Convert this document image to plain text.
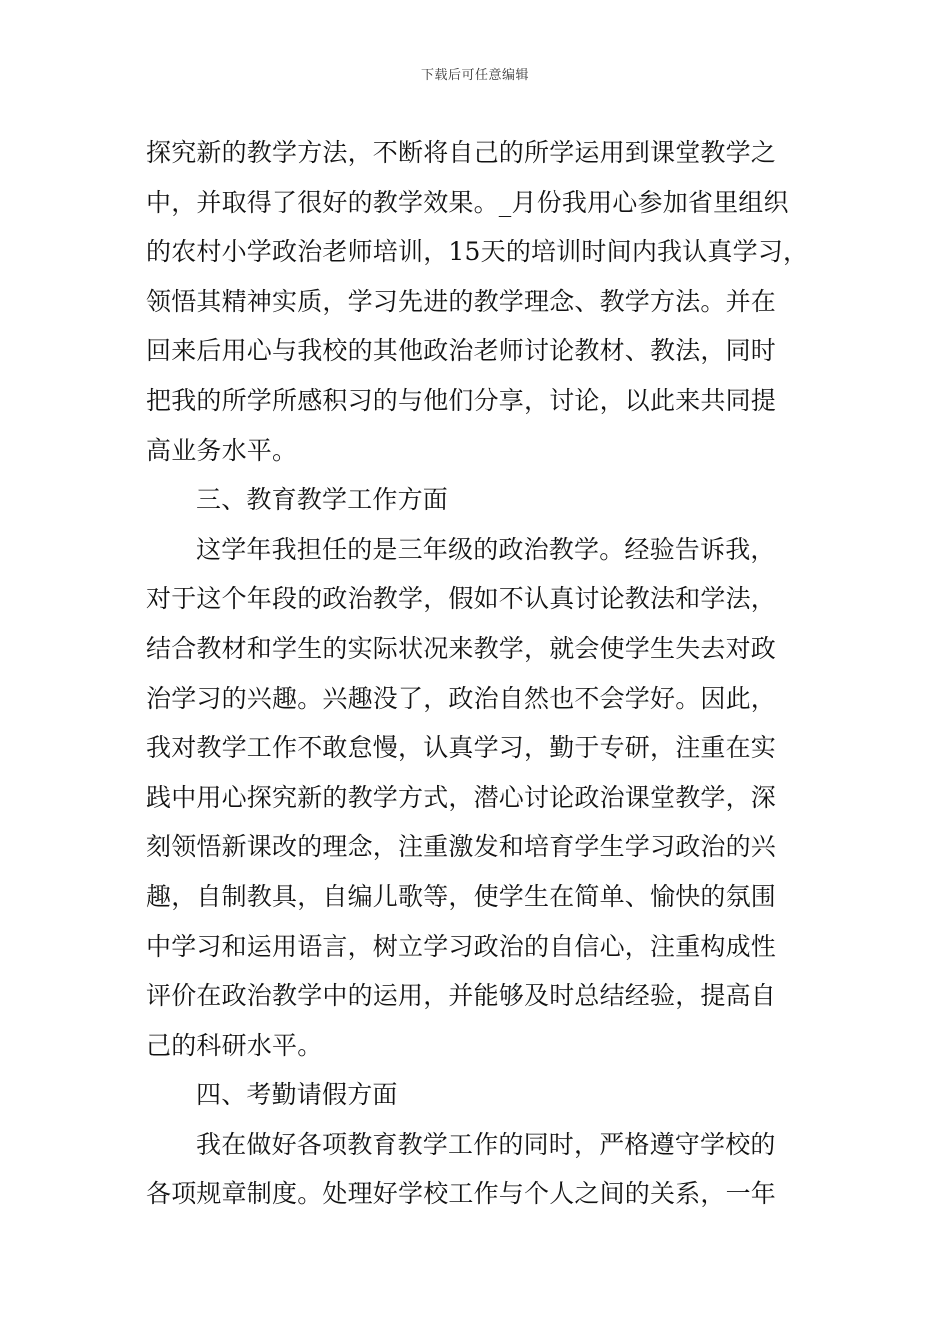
下载后可任意编辑
探究新的教学方法，不断将自己的所学运用到课堂教学之
中，并取得了很好的教学效果。_月份我用心参加省里组织
的农村小学政治老师培训，15天的培训时间内我认真学习，
领悟其精神实质，学习先进的教学理念、教学方法。并在
回来后用心与我校的其他政治老师讨论教材、教法，同时
把我的所学所感积习的与他们分享，讨论，以此来共同提
高业务水平。
三、教育教学工作方面
这学年我担任的是三年级的政治教学。经验告诉我，
对于这个年段的政治教学，假如不认真讨论教法和学法，
结合教材和学生的实际状况来教学，就会使学生失去对政
治学习的兴趣。兴趣没了，政治自然也不会学好。因此，
我对教学工作不敢怠慢，认真学习，勤于专研，注重在实
践中用心探究新的教学方式，潜心讨论政治课堂教学，深
刻领悟新课改的理念，注重激发和培育学生学习政治的兴
趣，自制教具，自编儿歌等，使学生在简单、愉快的氛围
中学习和运用语言，树立学习政治的自信心，注重构成性
评价在政治教学中的运用，并能够及时总结经验，提高自
己的科研水平。
四、考勤请假方面
我在做好各项教育教学工作的同时，严格遵守学校的
各项规章制度。处理好学校工作与个人之间的关系，一年
